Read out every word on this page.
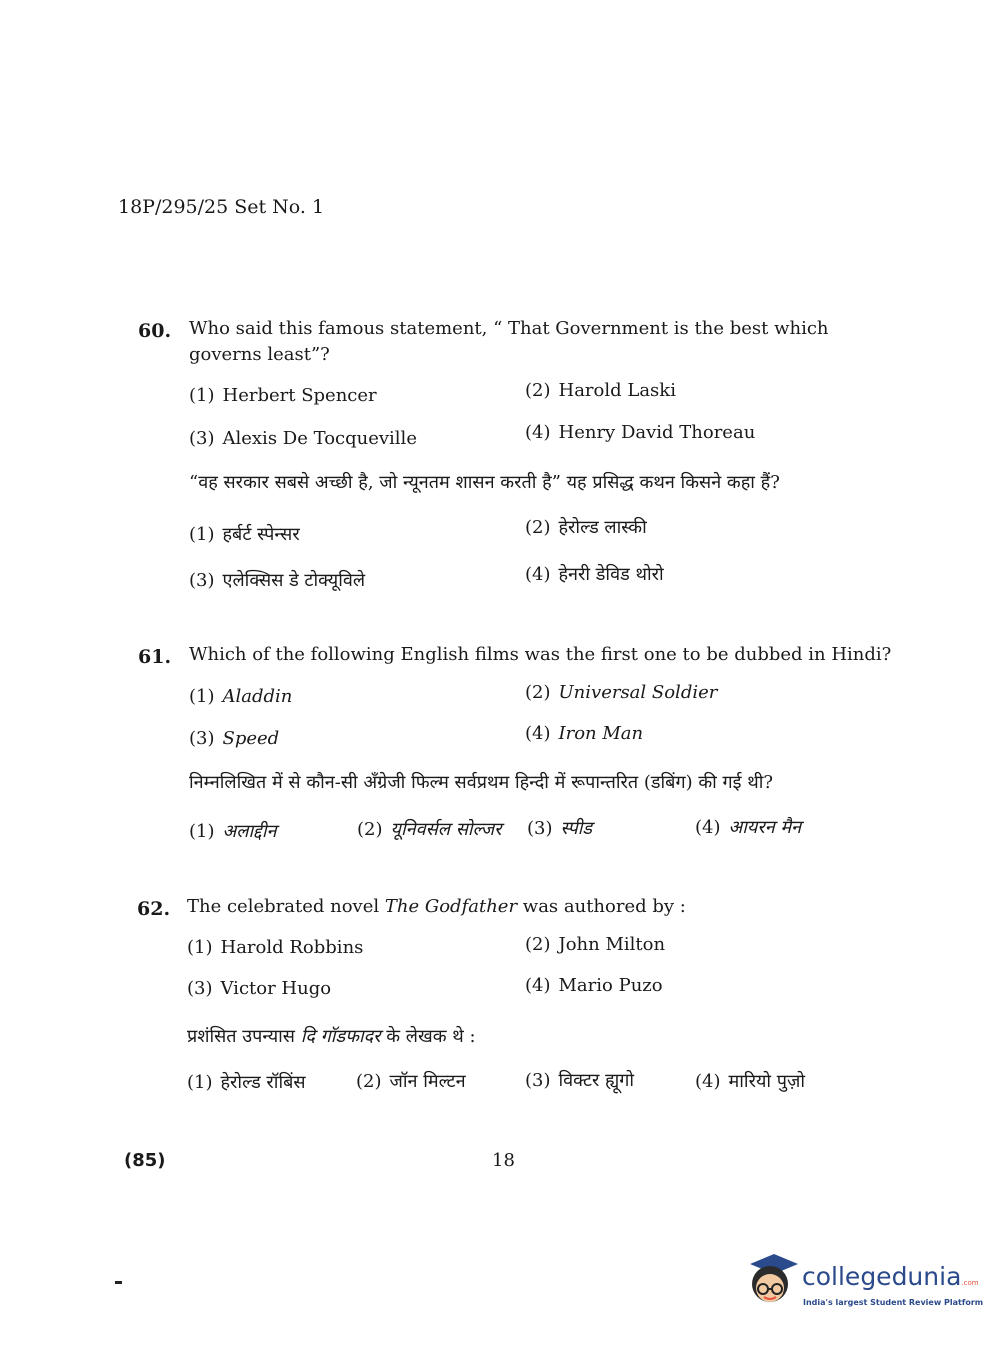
18P/295/25 Set No. 1
60. Who said this famous statement, “ That Government is the best which governs least”?
(1) Herbert Spencer	(2) Harold Laski
(3) Alexis De Tocqueville	(4) Henry David Thoreau
“वह सरकार सबसे अच्छी है, जो न्यूनतम शासन करती है” यह प्रसिद्ध कथन किसने कहा हैं?
(1) हर्बर्ट स्पेन्सर	(2) हेरोल्ड लास्की
(3) एलेक्सिस डे टोक्यूविले	(4) हेनरी डेविड थोरो
61. Which of the following English films was the first one to be dubbed in Hindi?
(1) Aladdin	(2) Universal Soldier
(3) Speed	(4) Iron Man
निम्नलिखित में से कौन-सी अँग्रेजी फिल्म सर्वप्रथम हिन्दी में रूपान्तरित (डबिंग) की गई थी?
(1) अलाद्दीन	(2) यूनिवर्सल सोल्जर (3) स्पीड	(4) आयरन मैन
62. The celebrated novel The Godfather was authored by :
(1) Harold Robbins	(2) John Milton
(3) Victor Hugo	(4) Mario Puzo
प्रशंसित उपन्यास दि गॉडफादर के लेखक थे :
(1) हेरोल्ड रॉबिंस	(2) जॉन मिल्टन	(3) विक्टर ह्यूगो	(4) मारियो पुज़ो
(85)	18
collegedunia.com
India's largest Student Review Platform
